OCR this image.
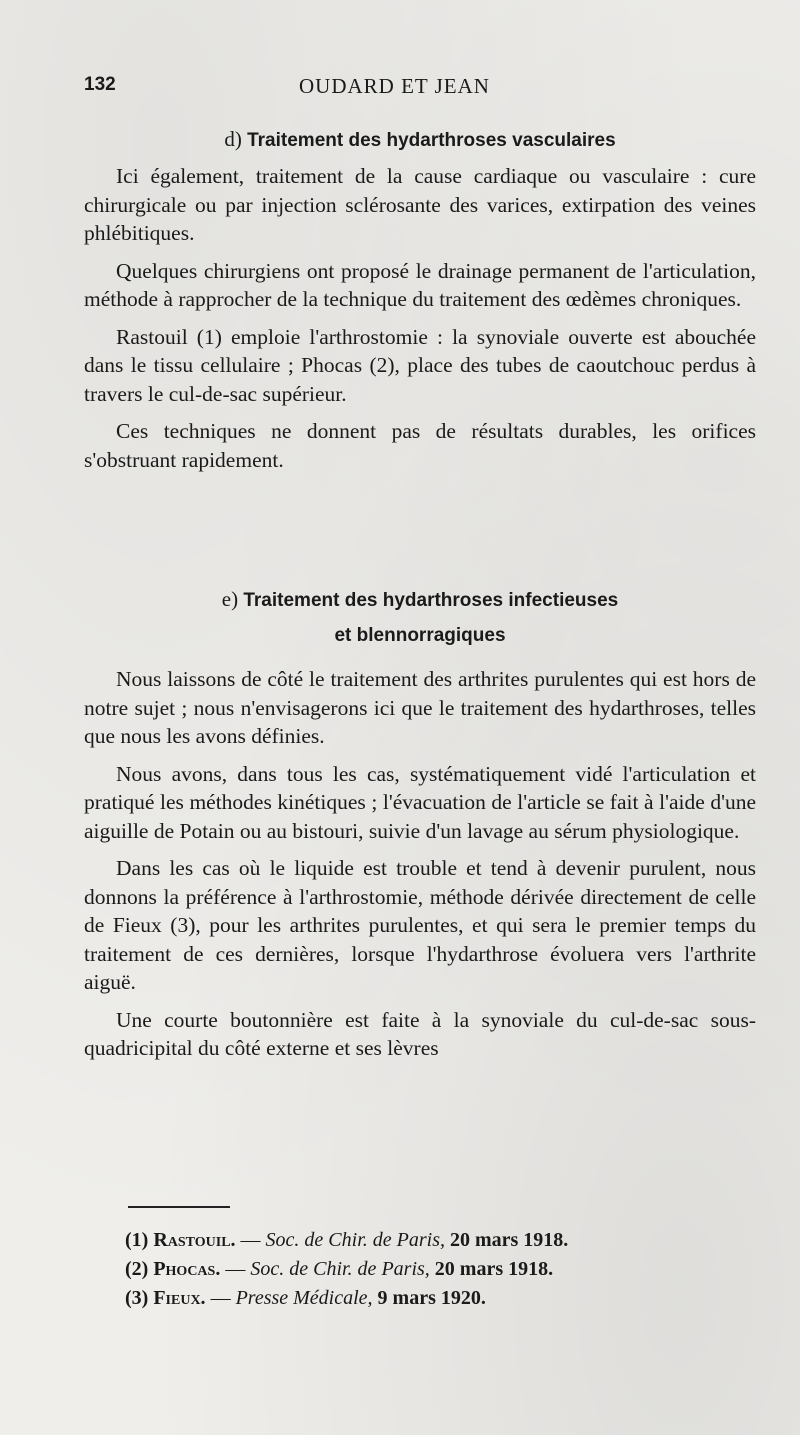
132	OUDARD ET JEAN
d) Traitement des hydarthroses vasculaires

Ici également, traitement de la cause cardiaque ou vasculaire : cure chirurgicale ou par injection sclérosante des varices, extirpation des veines phlébitiques.

Quelques chirurgiens ont proposé le drainage permanent de l'articulation, méthode à rapprocher de la technique du traitement des œdèmes chroniques.

Rastouil (1) emploie l'arthrostomie : la synoviale ouverte est abouchée dans le tissu cellulaire ; Phocas (2), place des tubes de caoutchouc perdus à travers le cul-de-sac supérieur.

Ces techniques ne donnent pas de résultats durables, les orifices s'obstruant rapidement.

e) Traitement des hydarthroses infectieuses
et blennorragiques

Nous laissons de côté le traitement des arthrites purulentes qui est hors de notre sujet ; nous n'envisagerons ici que le traitement des hydarthroses, telles que nous les avons définies.

Nous avons, dans tous les cas, systématiquement vidé l'articulation et pratiqué les méthodes kinétiques ; l'évacuation de l'article se fait à l'aide d'une aiguille de Potain ou au bistouri, suivie d'un lavage au sérum physiologique.

Dans les cas où le liquide est trouble et tend à devenir purulent, nous donnons la préférence à l'arthrostomie, méthode dérivée directement de celle de Fieux (3), pour les arthrites purulentes, et qui sera le premier temps du traitement de ces dernières, lorsque l'hydarthrose évoluera vers l'arthrite aiguë.

Une courte boutonnière est faite à la synoviale du cul-de-sac sous-quadricipital du côté externe et ses lèvres

(1) Rastouil. — Soc. de Chir. de Paris, 20 mars 1918.
(2) Phocas. — Soc. de Chir. de Paris, 20 mars 1918.
(3) Fieux. — Presse Médicale, 9 mars 1920.
